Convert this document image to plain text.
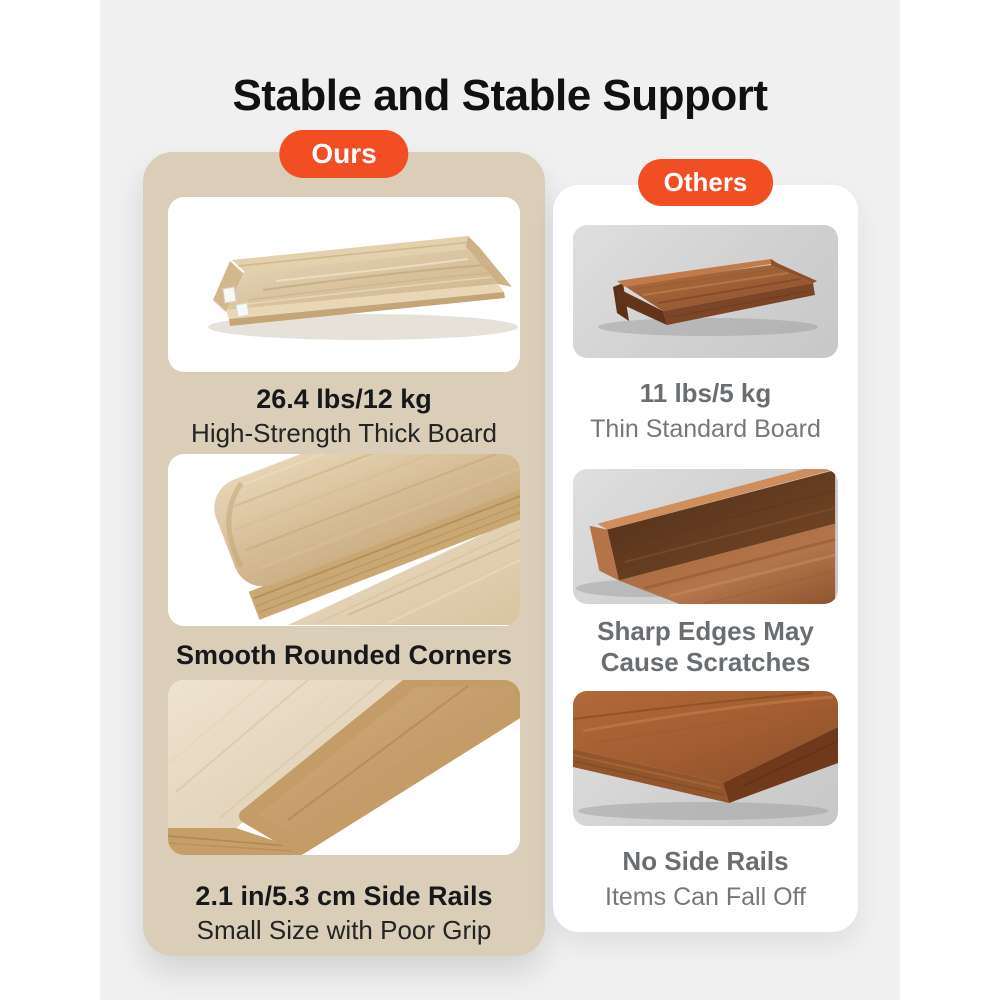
Stable and Stable Support
Ours
26.4 lbs/12 kg
High-Strength Thick Board
Smooth Rounded Corners
2.1 in/5.3 cm Side Rails
Small Size with Poor Grip
Others
11 lbs/5 kg
Thin Standard Board
Sharp Edges May Cause Scratches
No Side Rails
Items Can Fall Off
